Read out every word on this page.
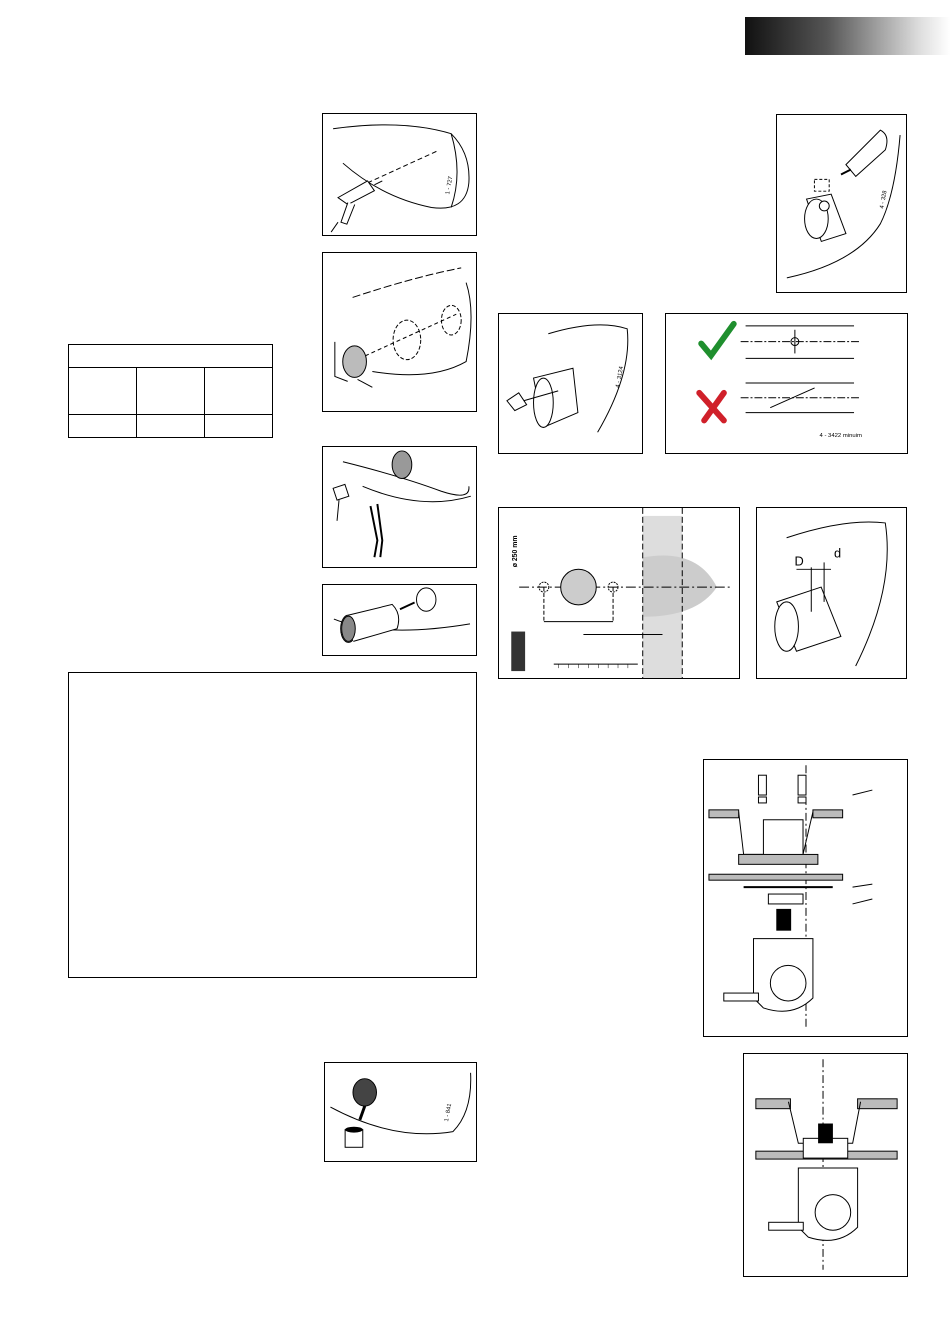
1 - 727

1 - 841
4 - 328
4 - 3124
4 - 3422 minuim
ø 250 mm	D
d
